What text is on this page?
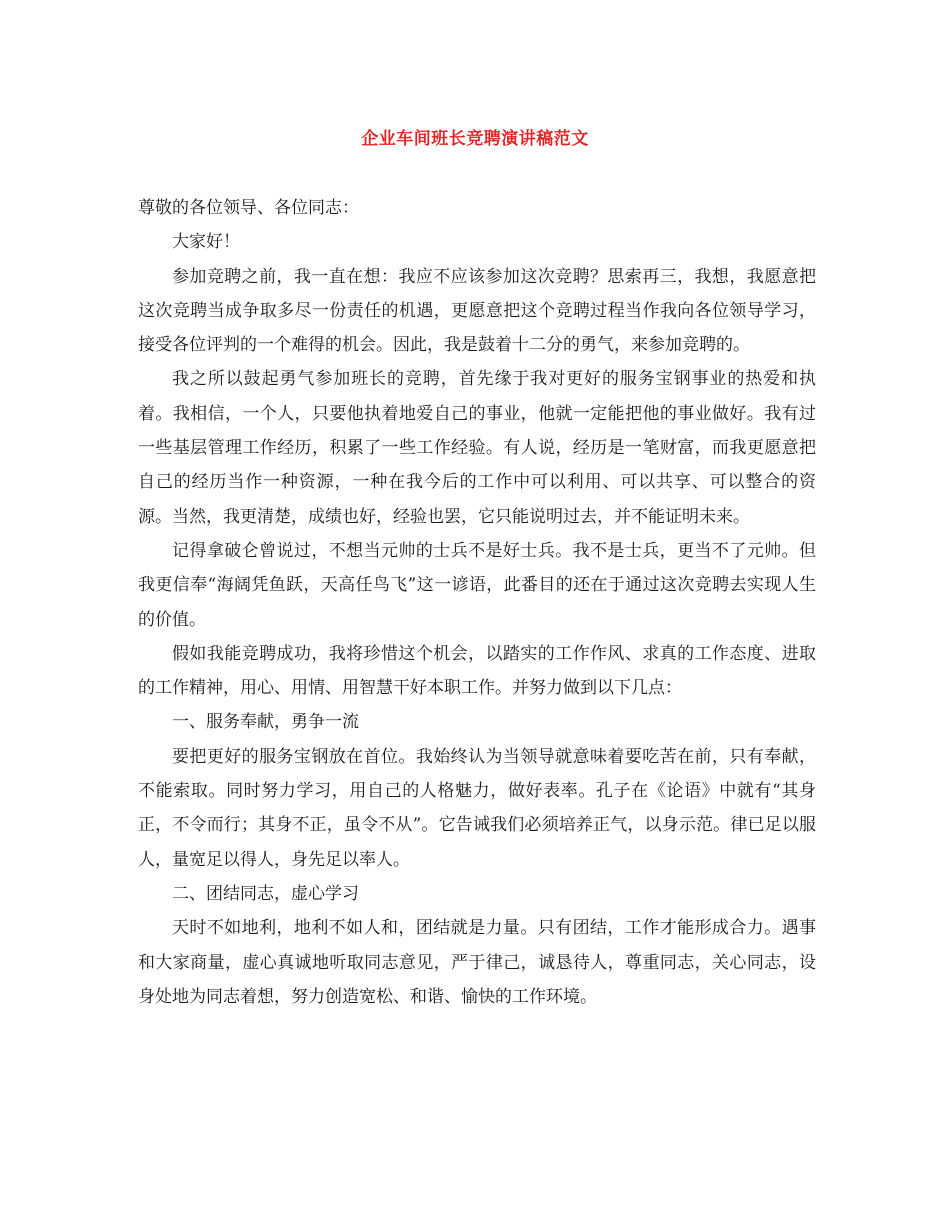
企业车间班长竞聘演讲稿范文

尊敬的各位领导、各位同志：

大家好！

参加竞聘之前，我一直在想：我应不应该参加这次竞聘？思索再三，我想，我愿意把这次竞聘当成争取多尽一份责任的机遇，更愿意把这个竞聘过程当作我向各位领导学习，接受各位评判的一个难得的机会。因此，我是鼓着十二分的勇气，来参加竞聘的。

我之所以鼓起勇气参加班长的竞聘，首先缘于我对更好的服务宝钢事业的热爱和执着。我相信，一个人，只要他执着地爱自己的事业，他就一定能把他的事业做好。我有过一些基层管理工作经历，积累了一些工作经验。有人说，经历是一笔财富，而我更愿意把自己的经历当作一种资源，一种在我今后的工作中可以利用、可以共享、可以整合的资源。当然，我更清楚，成绩也好，经验也罢，它只能说明过去，并不能证明未来。

记得拿破仑曾说过，不想当元帅的士兵不是好士兵。我不是士兵，更当不了元帅。但我更信奉“海阔凭鱼跃，天高任鸟飞”这一谚语，此番目的还在于通过这次竞聘去实现人生的价值。

假如我能竞聘成功，我将珍惜这个机会，以踏实的工作作风、求真的工作态度、进取的工作精神，用心、用情、用智慧干好本职工作。并努力做到以下几点：

一、服务奉献，勇争一流

要把更好的服务宝钢放在首位。我始终认为当领导就意味着要吃苦在前，只有奉献，不能索取。同时努力学习，用自己的人格魅力，做好表率。孔子在《论语》中就有“其身正，不令而行；其身不正，虽令不从”。它告诫我们必须培养正气，以身示范。律已足以服人，量宽足以得人，身先足以率人。

二、团结同志，虚心学习

天时不如地利，地利不如人和，团结就是力量。只有团结，工作才能形成合力。遇事和大家商量，虚心真诚地听取同志意见，严于律己，诚恳待人，尊重同志，关心同志，设身处地为同志着想，努力创造宽松、和谐、愉快的工作环境。
